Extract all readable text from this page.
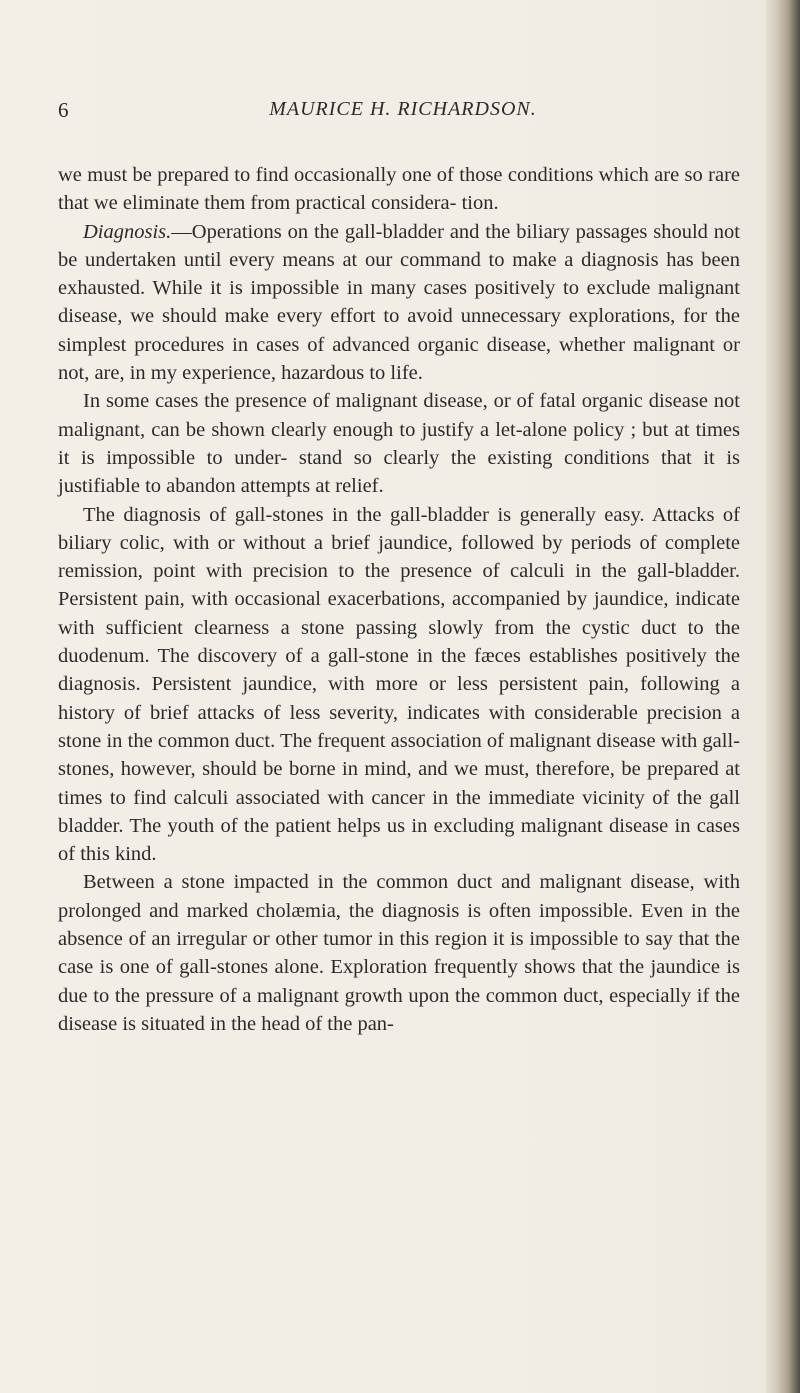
6	MAURICE H. RICHARDSON.

we must be prepared to find occasionally one of those conditions which are so rare that we eliminate them from practical considera- tion.

Diagnosis.—Operations on the gall-bladder and the biliary passages should not be undertaken until every means at our command to make a diagnosis has been exhausted. While it is impossible in many cases positively to exclude malignant disease, we should make every effort to avoid unnecessary explorations, for the simplest procedures in cases of advanced organic disease, whether malignant or not, are, in my experience, hazardous to life.

In some cases the presence of malignant disease, or of fatal organic disease not malignant, can be shown clearly enough to justify a let-alone policy ; but at times it is impossible to under- stand so clearly the existing conditions that it is justifiable to abandon attempts at relief.

The diagnosis of gall-stones in the gall-bladder is generally easy. Attacks of biliary colic, with or without a brief jaundice, followed by periods of complete remission, point with precision to the presence of calculi in the gall-bladder. Persistent pain, with occasional exacerbations, accompanied by jaundice, indicate with sufficient clearness a stone passing slowly from the cystic duct to the duodenum. The discovery of a gall-stone in the fæces establishes positively the diagnosis. Persistent jaundice, with more or less persistent pain, following a history of brief attacks of less severity, indicates with considerable precision a stone in the common duct. The frequent association of malignant disease with gall-stones, however, should be borne in mind, and we must, therefore, be prepared at times to find calculi associated with cancer in the immediate vicinity of the gall bladder. The youth of the patient helps us in excluding malignant disease in cases of this kind.

Between a stone impacted in the common duct and malignant disease, with prolonged and marked cholæmia, the diagnosis is often impossible. Even in the absence of an irregular or other tumor in this region it is impossible to say that the case is one of gall-stones alone. Exploration frequently shows that the jaundice is due to the pressure of a malignant growth upon the common duct, especially if the disease is situated in the head of the pan-
